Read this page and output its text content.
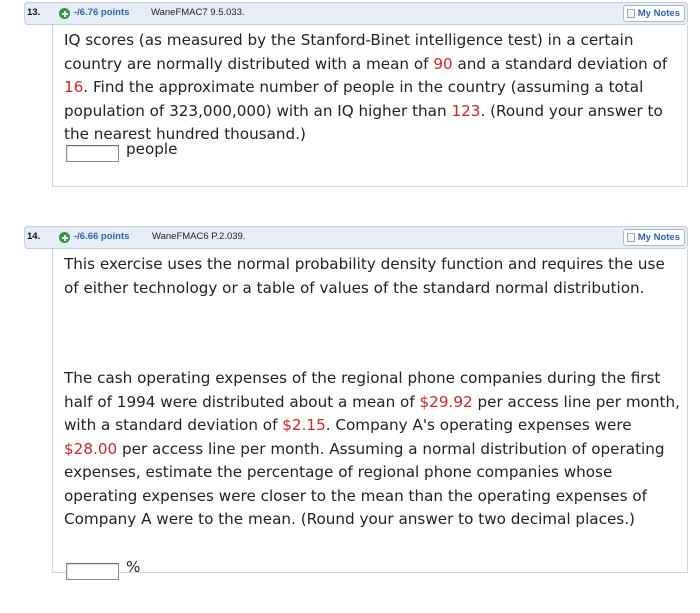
13.	-/6.76 points WaneFMAC7 9.5.033.	My Notes
IQ scores (as measured by the Stanford-Binet intelligence test) in a certain country are normally distributed with a mean of 90 and a standard deviation of 16. Find the approximate number of people in the country (assuming a total population of 323,000,000) with an IQ higher than 123. (Round your answer to the nearest hundred thousand.)
people
14.	-/6.66 points WaneFMAC6 P.2.039.	My Notes
This exercise uses the normal probability density function and requires the use of either technology or a table of values of the standard normal distribution.
The cash operating expenses of the regional phone companies during the first half of 1994 were distributed about a mean of $29.92 per access line per month, with a standard deviation of $2.15. Company A's operating expenses were $28.00 per access line per month. Assuming a normal distribution of operating expenses, estimate the percentage of regional phone companies whose operating expenses were closer to the mean than the operating expenses of Company A were to the mean. (Round your answer to two decimal places.)
%
